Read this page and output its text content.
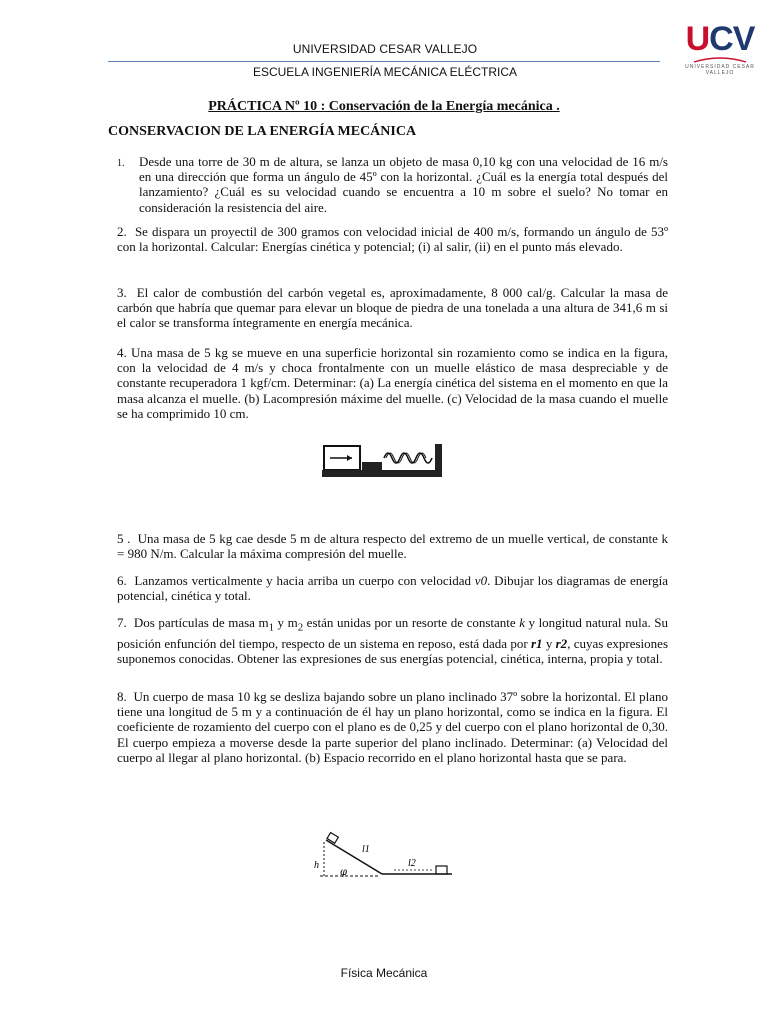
UNIVERSIDAD CESAR VALLEJO
ESCUELA INGENIERÍA MECÁNICA ELÉCTRICA
UCV
UNIVERSIDAD CESAR VALLEJO
PRÁCTICA Nº 10 : Conservación de la Energía mecánica .
CONSERVACION DE LA ENERGÍA MECÁNICA
1. Desde una torre de 30 m de altura, se lanza un objeto de masa 0,10 kg con una velocidad de 16 m/s en una dirección que forma un ángulo de 45º con la horizontal. ¿Cuál es la energía total después del lanzamiento? ¿Cuál es su velocidad cuando se encuentra a 10 m sobre el suelo? No tomar en consideración la resistencia del aire.
2. Se dispara un proyectil de 300 gramos con velocidad inicial de 400 m/s, formando un ángulo de 53º con la horizontal. Calcular: Energías cinética y potencial; (i) al salir, (ii) en el punto más elevado.
3. El calor de combustión del carbón vegetal es, aproximadamente, 8 000 cal/g. Calcular la masa de carbón que habría que quemar para elevar un bloque de piedra de una tonelada a una altura de 341,6 m si el calor se transforma íntegramente en energía mecánica.
4. Una masa de 5 kg se mueve en una superficie horizontal sin rozamiento como se indica en la figura, con la velocidad de 4 m/s y choca frontalmente con un muelle elástico de masa despreciable y de constante recuperadora 1 kgf/cm. Determinar: (a) La energía cinética del sistema en el momento en que la masa alcanza el muelle. (b) Lacompresión máxime del muelle. (c) Velocidad de la masa cuando el muelle se ha comprimido 10 cm.
5 . Una masa de 5 kg cae desde 5 m de altura respecto del extremo de un muelle vertical, de constante k = 980 N/m. Calcular la máxima compresión del muelle.
6. Lanzamos verticalmente y hacia arriba un cuerpo con velocidad v0. Dibujar los diagramas de energía potencial, cinética y total.
7. Dos partículas de masa $m_1$ y $m_2$ están unidas por un resorte de constante k y longitud natural nula. Su posición enfunción del tiempo, respecto de un sistema en reposo, está dada por r1 y r2, cuyas expresiones suponemos conocidas. Obtener las expresiones de sus energías potencial, cinética, interna, propia y total.
8. Un cuerpo de masa 10 kg se desliza bajando sobre un plano inclinado 37º sobre la horizontal. El plano tiene una longitud de 5 m y a continuación de él hay un plano horizontal, como se indica en la figura. El coeficiente de rozamiento del cuerpo con el plano es de 0,25 y del cuerpo con el plano horizontal de 0,30. El cuerpo empieza a moverse desde la parte superior del plano inclinado. Determinar: (a) Velocidad del cuerpo al llegar al plano horizontal. (b) Espacio recorrido en el plano horizontal hasta que se para.
h
φ
l1
l2
Física Mecánica
